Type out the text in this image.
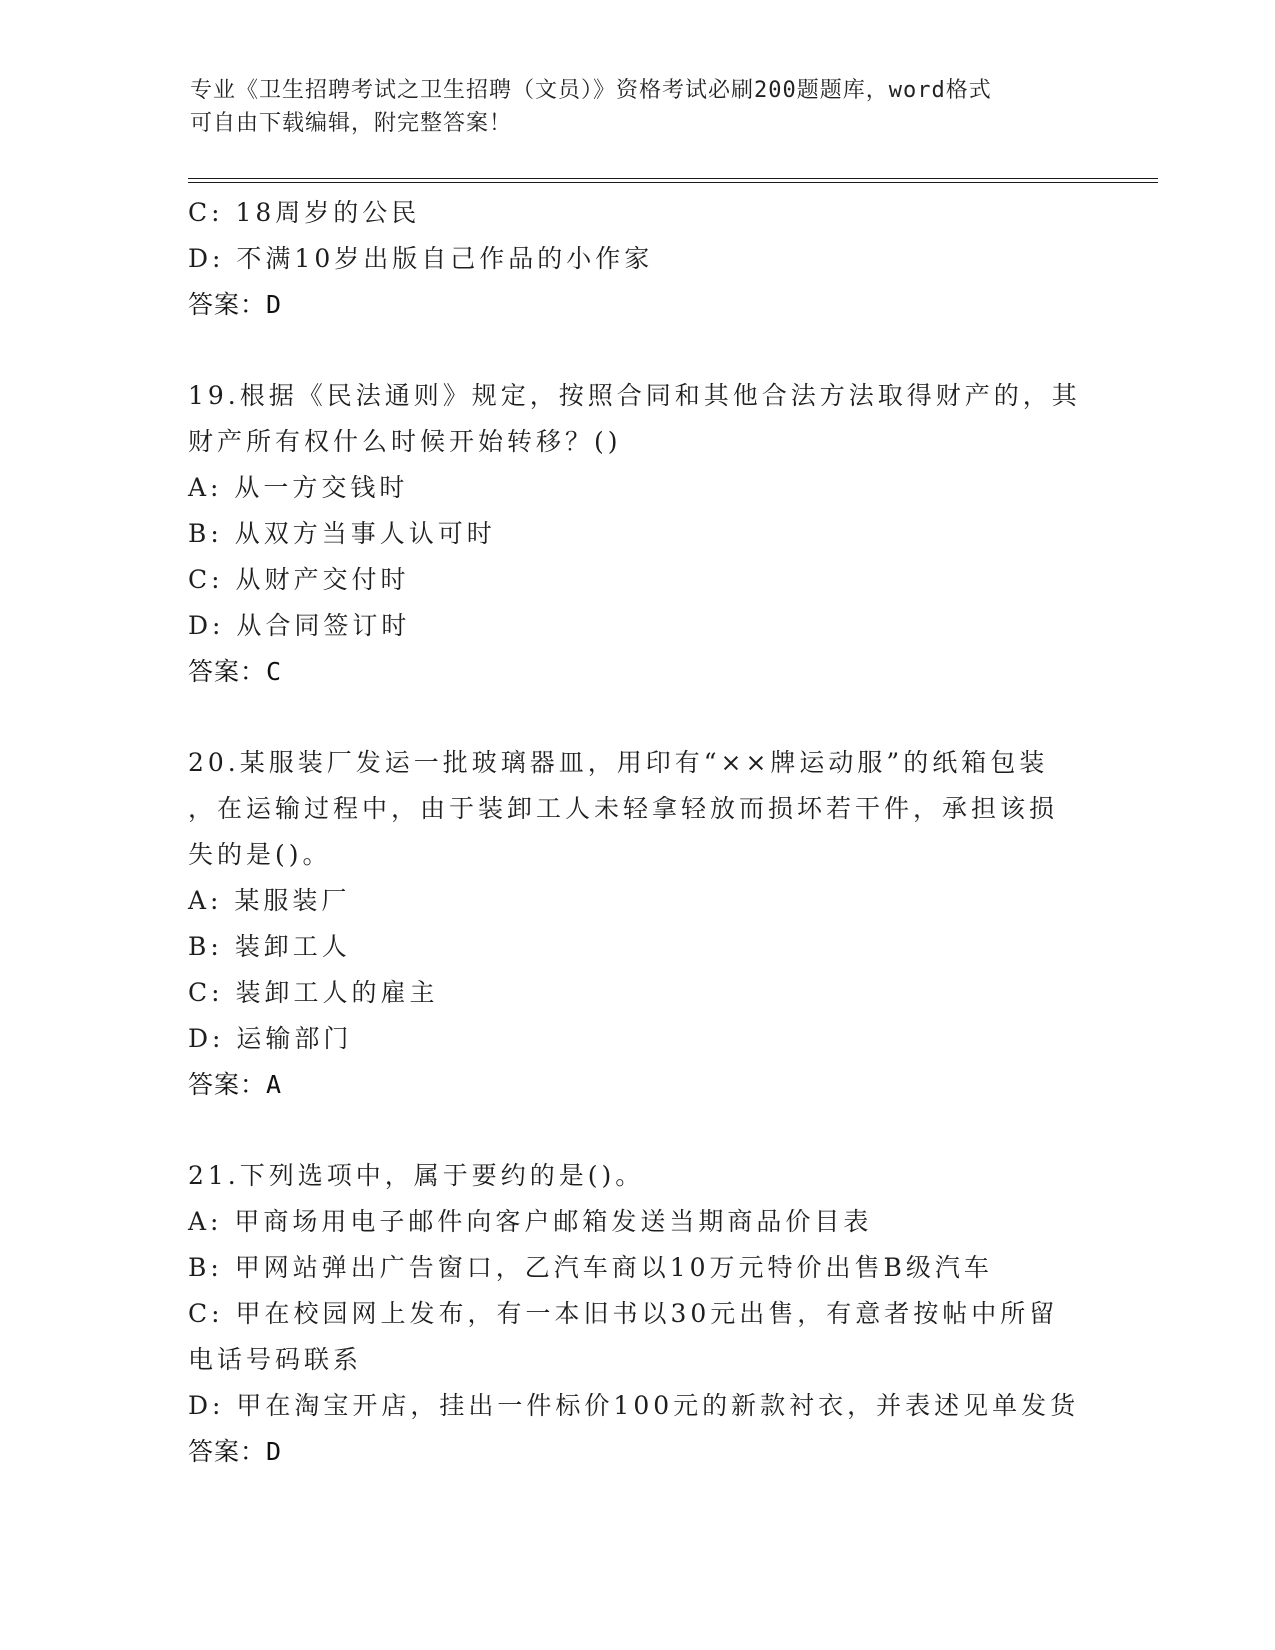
专业《卫生招聘考试之卫生招聘（文员）》资格考试必刷200题题库，word格式
可自由下载编辑，附完整答案！
C: 18周岁的公民
D: 不满10岁出版自己作品的小作家
答案：D
19.根据《民法通则》规定，按照合同和其他合法方法取得财产的，其
财产所有权什么时候开始转移？()
A: 从一方交钱时
B: 从双方当事人认可时
C: 从财产交付时
D: 从合同签订时
答案：C
20.某服装厂发运一批玻璃器皿，用印有“××牌运动服”的纸箱包装
，在运输过程中，由于装卸工人未轻拿轻放而损坏若干件，承担该损
失的是()。
A: 某服装厂
B: 装卸工人
C: 装卸工人的雇主
D: 运输部门
答案：A
21.下列选项中，属于要约的是()。
A: 甲商场用电子邮件向客户邮箱发送当期商品价目表
B: 甲网站弹出广告窗口，乙汽车商以10万元特价出售B级汽车
C: 甲在校园网上发布，有一本旧书以30元出售，有意者按帖中所留
电话号码联系
D: 甲在淘宝开店，挂出一件标价100元的新款衬衣，并表述见单发货
答案：D
